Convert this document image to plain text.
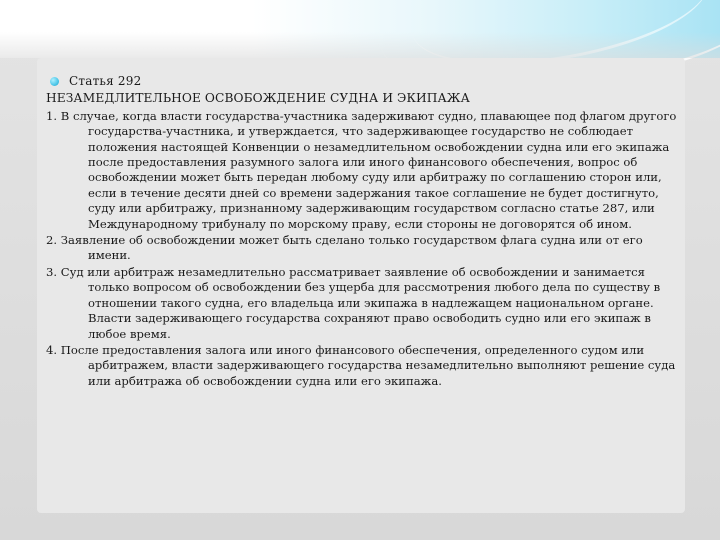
Статья 292
НЕЗАМЕДЛИТЕЛЬНОЕ ОСВОБОЖДЕНИЕ СУДНА И ЭКИПАЖА

1. В случае, когда власти государства-участника задерживают судно, плавающее под флагом другого государства-участника, и утверждается, что задерживающее государство не соблюдает положения настоящей Конвенции о незамедлительном освобождении судна или его экипажа после предоставления разумного залога или иного финансового обеспечения, вопрос об освобождении может быть передан любому суду или арбитражу по соглашению сторон или, если в течение десяти дней со времени задержания такое соглашение не будет достигнуто, суду или арбитражу, признанному задерживающим государством согласно статье 287, или Международному трибуналу по морскому праву, если стороны не договорятся об ином.

2. Заявление об освобождении может быть сделано только государством флага судна или от его имени.

3. Суд или арбитраж незамедлительно рассматривает заявление об освобождении и занимается только вопросом об освобождении без ущерба для рассмотрения любого дела по существу в отношении такого судна, его владельца или экипажа в надлежащем национальном органе. Власти задерживающего государства сохраняют право освободить судно или его экипаж в любое время.

4. После предоставления залога или иного финансового обеспечения, определенного судом или арбитражем, власти задерживающего государства незамедлительно выполняют решение суда или арбитража об освобождении судна или его экипажа.
